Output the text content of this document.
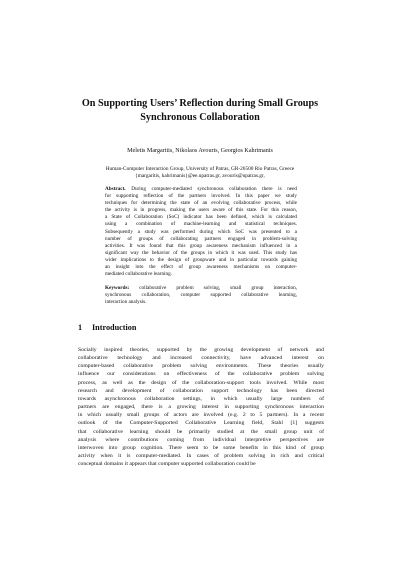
On Supporting Users’ Reflection during Small Groups
Synchronous Collaboration
Meletis Margaritis, Nikolaos Avouris, Georgios Kahrimanis
Human-Computer Interaction Group, University of Patras, GR-26500 Rio Patras, Greece
{margaritis, kahrimanis}@ee.upatras.gr, avouris@upatras.gr,
Abstract. During computer-mediated synchronous collaboration there is need
for supporting reflection of the partners involved. In this paper we study
techniques for determining the state of an evolving collaborative process, while
the activity is in progress, making the users aware of this state. For this reason,
a State of Collaboration (SoC) indicator has been defined, which is calculated
using a combination of machine-learning and statistical techniques.
Subsequently a study was performed during which SoC was presented to a
number of groups of collaborating partners engaged in problem-solving
activities. It was found that this group awareness mechanism influenced in a
significant way the behavior of the groups in which it was used. This study has
wider implications to the design of groupware and in particular towards gaining
an insight into the effect of group awareness mechanisms on computer-
mediated collaborative learning.
Keywords: collaborative problem solving, small group interaction,
synchronous collaboration, computer supported collaborative learning,
interaction analysis.
1 Introduction
Socially inspired theories, supported by the growing development of network and
collaborative technology and increased connectivity, have advanced interest on
computer-based collaborative problem solving environments. These theories usually
influence our considerations on effectiveness of the collaborative problem solving
process, as well as the design of the collaboration-support tools involved. While most
research and development of collaboration support technology has been directed
towards asynchronous collaboration settings, in which usually large numbers of
partners are engaged, there is a growing interest in supporting synchronous interaction
in which usually small groups of actors are involved (e.g. 2 to 5 partners). In a recent
outlook of the Computer-Supported Collaborative Learning field, Stahl [1] suggests
that collaborative learning should be primarily studied at the small group unit of
analysis where contributions coming from individual interpretive perspectives are
interwoven into group cognition. There seem to be some benefits in this kind of group
activity when it is computer-mediated. In cases of problem solving in rich and critical
conceptual domains it appears that computer supported collaboration could be
